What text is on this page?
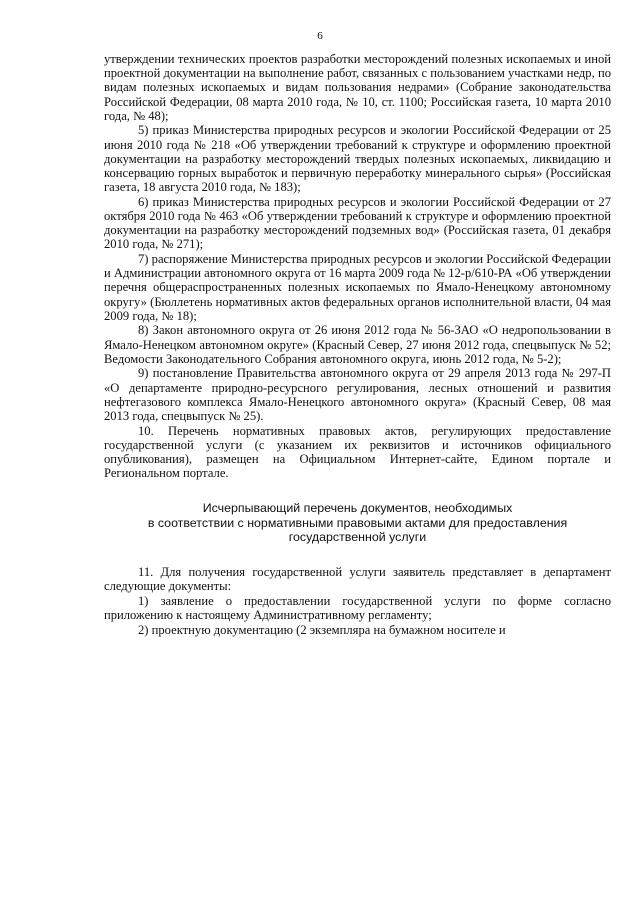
6

утверждении технических проектов разработки месторождений полезных ископаемых и иной проектной документации на выполнение работ, связанных с пользованием участками недр, по видам полезных ископаемых и видам пользования недрами» (Собрание законодательства Российской Федерации, 08 марта 2010 года, № 10, ст. 1100; Российская газета, 10 марта 2010 года, № 48);

5) приказ Министерства природных ресурсов и экологии Российской Федерации от 25 июня 2010 года № 218 «Об утверждении требований к структуре и оформлению проектной документации на разработку месторождений твердых полезных ископаемых, ликвидацию и консервацию горных выработок и первичную переработку минерального сырья» (Российская газета, 18 августа 2010 года, № 183);

6) приказ Министерства природных ресурсов и экологии Российской Федерации от 27 октября 2010 года № 463 «Об утверждении требований к структуре и оформлению проектной документации на разработку месторождений подземных вод» (Российская газета, 01 декабря 2010 года, № 271);

7) распоряжение Министерства природных ресурсов и экологии Российской Федерации и Администрации автономного округа от 16 марта 2009 года № 12-р/610-РА «Об утверждении перечня общераспространенных полезных ископаемых по Ямало-Ненецкому автономному округу» (Бюллетень нормативных актов федеральных органов исполнительной власти, 04 мая 2009 года, № 18);

8) Закон автономного округа от 26 июня 2012 года № 56-ЗАО «О недропользовании в Ямало-Ненецком автономном округе» (Красный Север, 27 июня 2012 года, спецвыпуск № 52; Ведомости Законодательного Собрания автономного округа, июнь 2012 года, № 5-2);

9) постановление Правительства автономного округа от 29 апреля 2013 года № 297-П «О департаменте природно-ресурсного регулирования, лесных отношений и развития нефтегазового комплекса Ямало-Ненецкого автономного округа» (Красный Север, 08 мая 2013 года, спецвыпуск № 25).

10. Перечень нормативных правовых актов, регулирующих предоставление государственной услуги (с указанием их реквизитов и источников официального опубликования), размещен на Официальном Интернет-сайте, Едином портале и Региональном портале.

Исчерпывающий перечень документов, необходимых
в соответствии с нормативными правовыми актами для предоставления
государственной услуги

11. Для получения государственной услуги заявитель представляет в департамент следующие документы:

1) заявление о предоставлении государственной услуги по форме согласно приложению к настоящему Административному регламенту;

2) проектную документацию (2 экземпляра на бумажном носителе и
